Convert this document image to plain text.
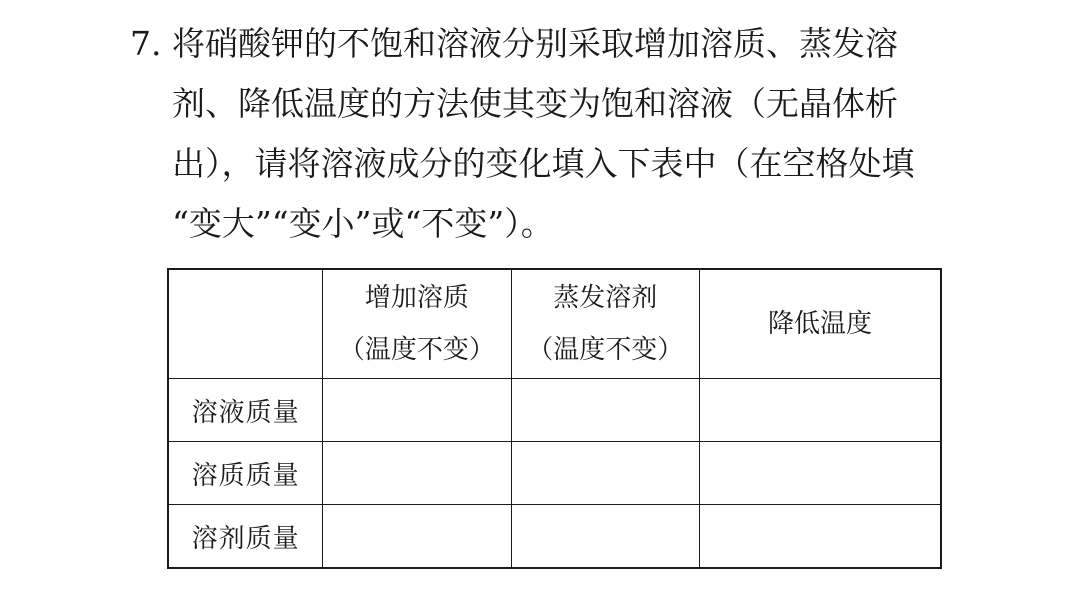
7. 将硝酸钾的不饱和溶液分别采取增加溶质、蒸发溶
剂、降低温度的方法使其变为饱和溶液（无晶体析
出），请将溶液成分的变化填入下表中（在空格处填
“变大”“变小”或“不变”）。

	增加溶质
（温度不变）	蒸发溶剂
（温度不变）	降低温度

溶液质量			
溶质质量			
溶剂质量			
